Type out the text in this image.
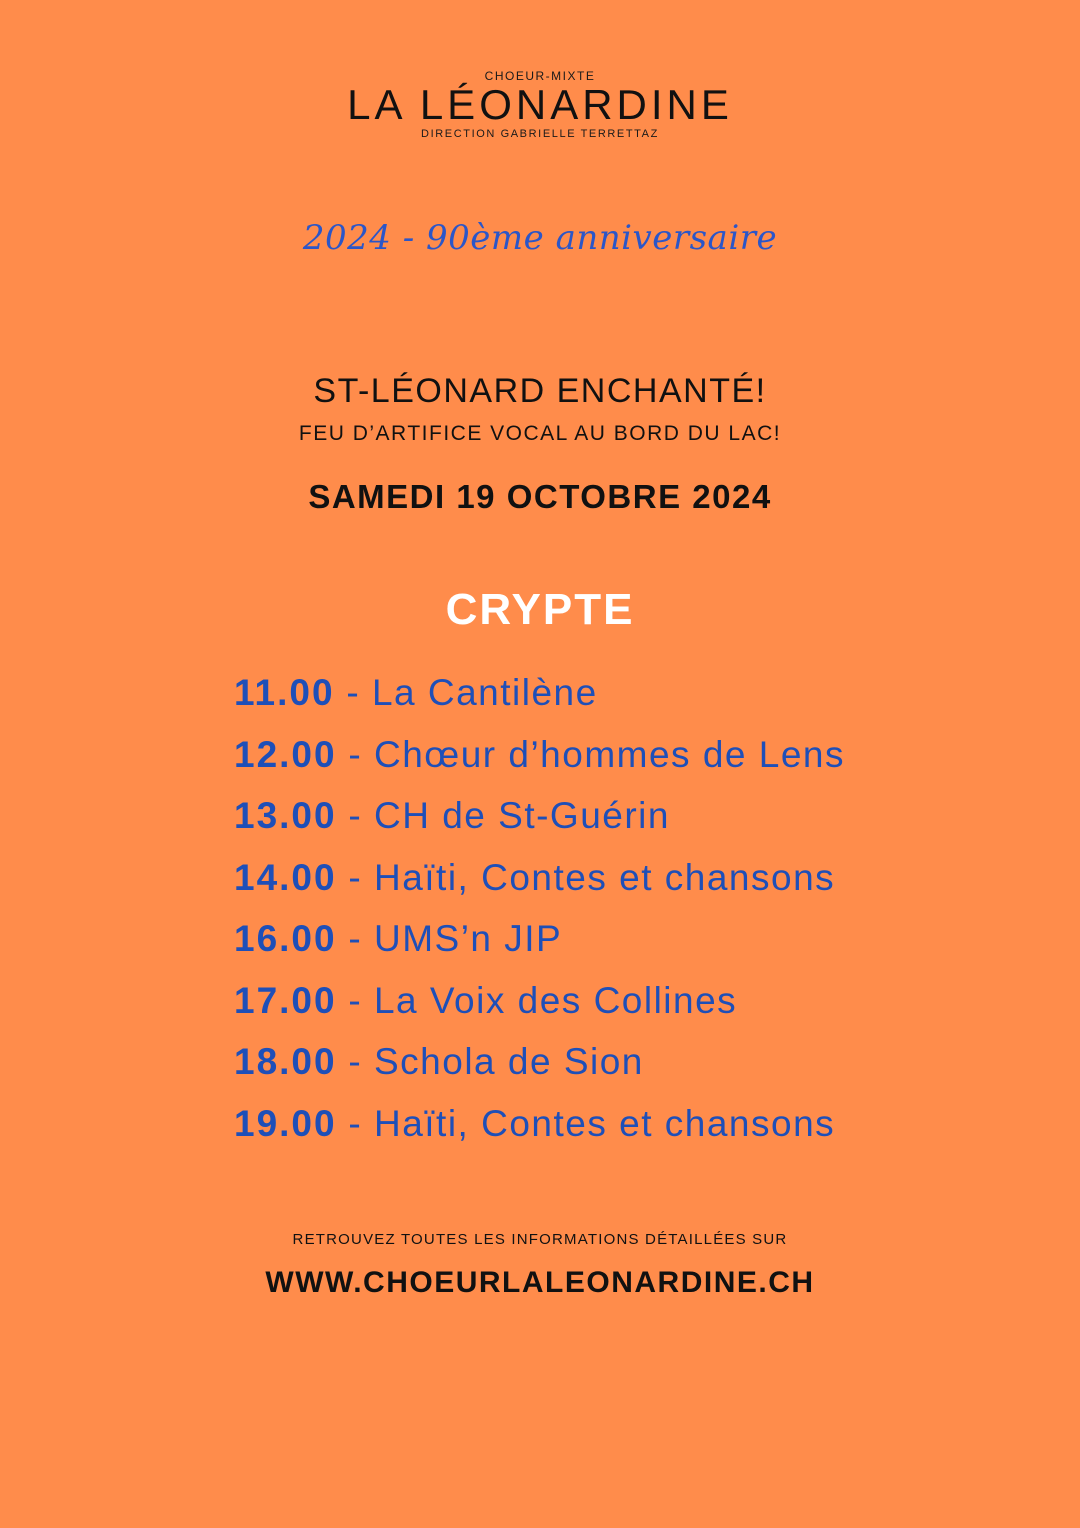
CHOEUR-MIXTE
LA LÉONARDINE
DIRECTION GABRIELLE TERRETTAZ
2024 - 90ème anniversaire
ST-LÉONARD ENCHANTÉ!
FEU D’ARTIFICE VOCAL AU BORD DU LAC!
SAMEDI 19 OCTOBRE 2024
CRYPTE
11.00 - La Cantilène
12.00 - Chœur d’hommes de Lens
13.00 - CH de St-Guérin
14.00 - Haïti, Contes et chansons
16.00 - UMS’n JIP
17.00 - La Voix des Collines
18.00 - Schola de Sion
19.00 - Haïti, Contes et chansons
RETROUVEZ TOUTES LES INFORMATIONS DÉTAILLÉES SUR
WWW.CHOEURLALEONARDINE.CH
